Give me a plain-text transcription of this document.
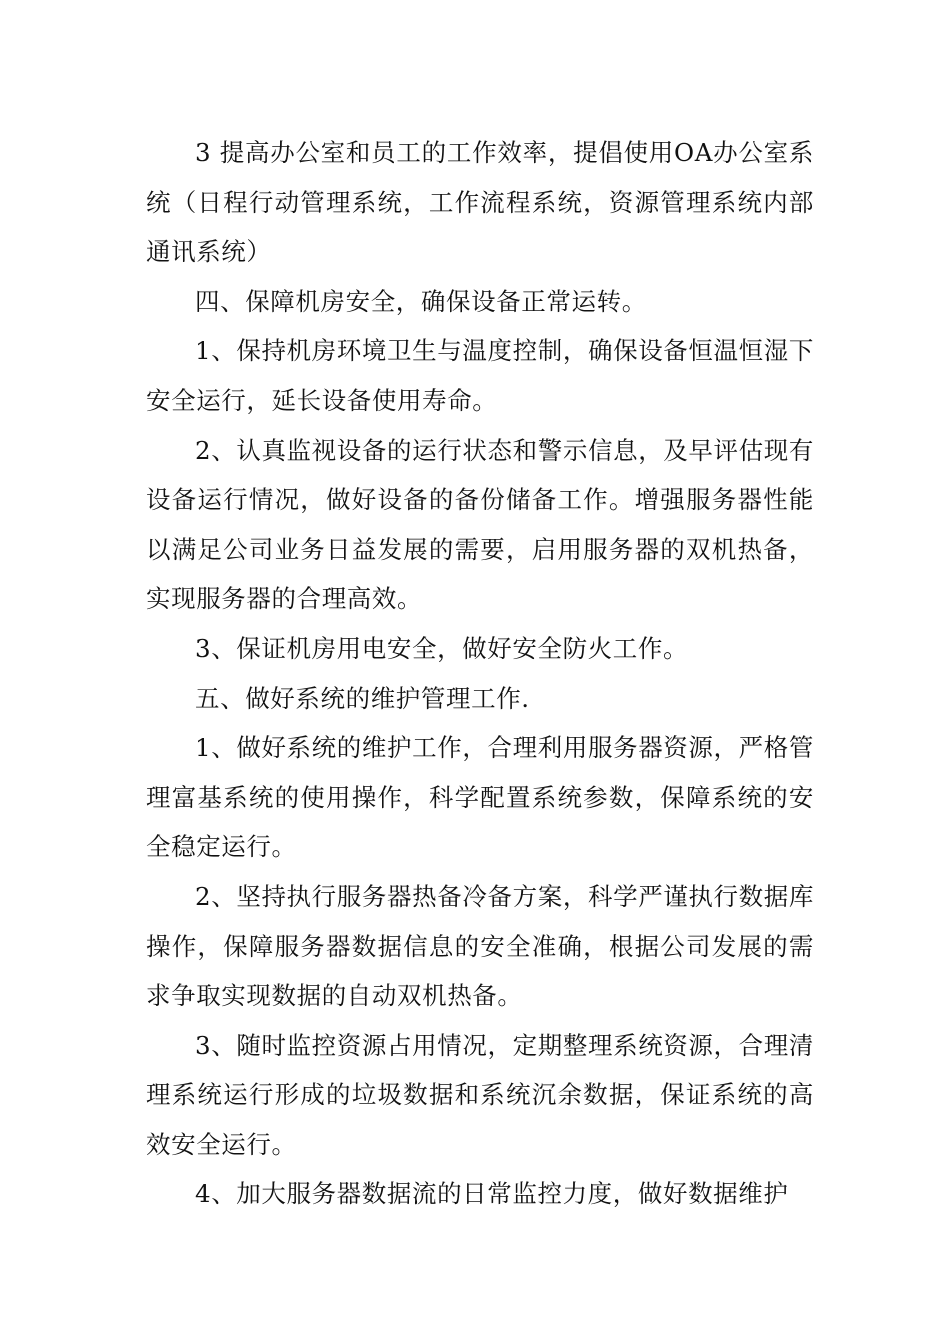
3 提高办公室和员工的工作效率，提倡使用OA办公室系统（日程行动管理系统，工作流程系统，资源管理系统内部通讯系统）

四、保障机房安全，确保设备正常运转。

1、保持机房环境卫生与温度控制，确保设备恒温恒湿下安全运行，延长设备使用寿命。

2、认真监视设备的运行状态和警示信息，及早评估现有设备运行情况，做好设备的备份储备工作。增强服务器性能以满足公司业务日益发展的需要，启用服务器的双机热备，实现服务器的合理高效。

3、保证机房用电安全，做好安全防火工作。

五、做好系统的维护管理工作.

1、做好系统的维护工作，合理利用服务器资源，严格管理富基系统的使用操作，科学配置系统参数，保障系统的安全稳定运行。

2、坚持执行服务器热备冷备方案，科学严谨执行数据库操作，保障服务器数据信息的安全准确，根据公司发展的需求争取实现数据的自动双机热备。

3、随时监控资源占用情况，定期整理系统资源，合理清理系统运行形成的垃圾数据和系统沉余数据，保证系统的高效安全运行。

4、加大服务器数据流的日常监控力度，做好数据维护
